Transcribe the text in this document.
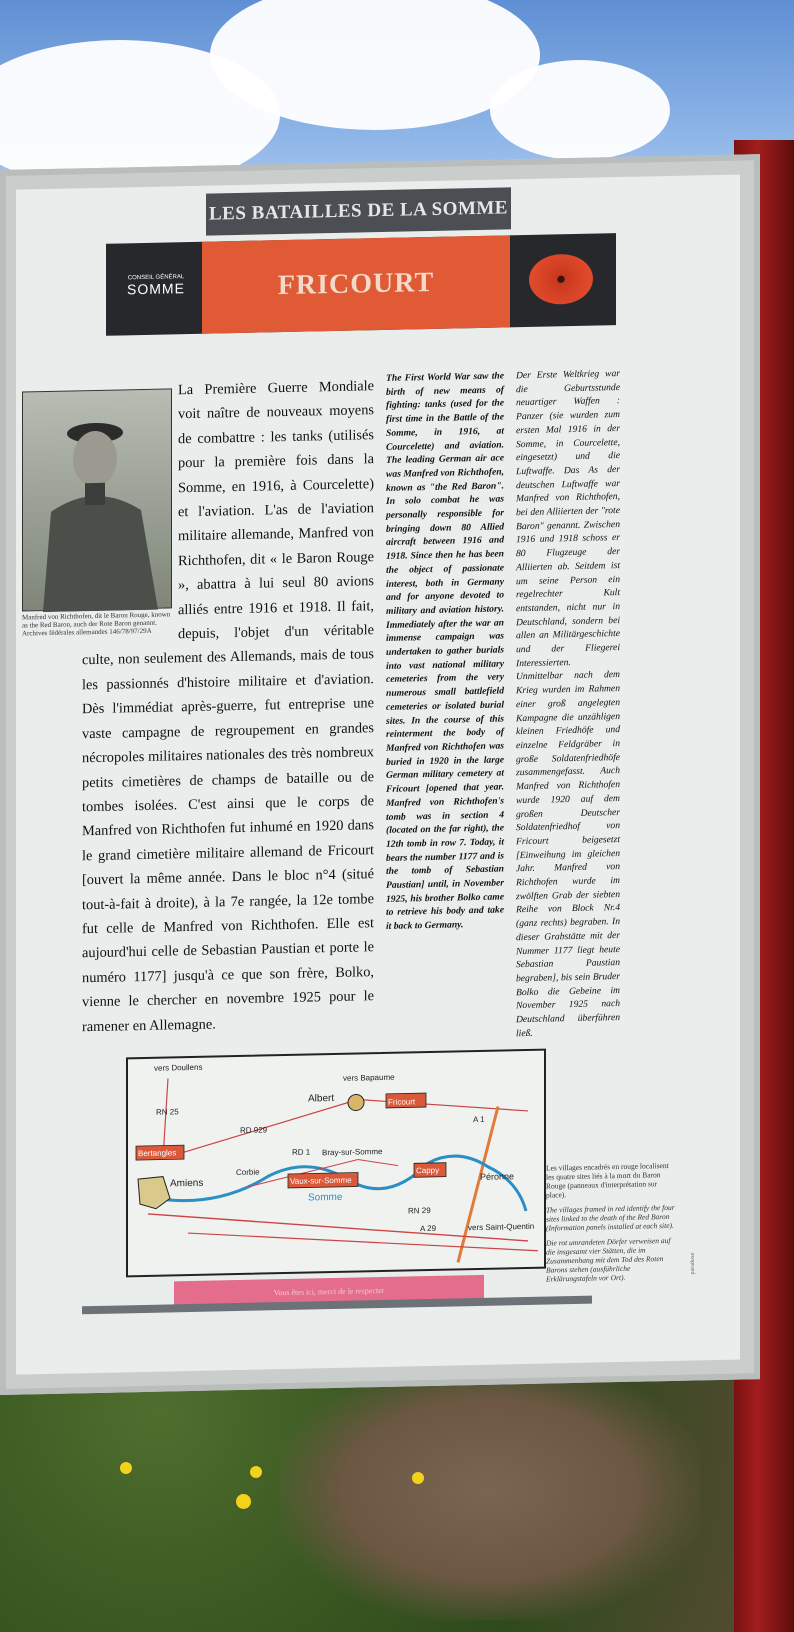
LES BATAILLES DE LA SOMME
CONSEIL GÉNÉRAL
SOMME	FRICOURT
Manfred von Richthofen, dit le Baron Rouge, known as the Red Baron, auch der Rote Baron genannt. Archives fédérales allemandes 146/78/97/29A
La Première Guerre Mondiale voit naître de nouveaux moyens de combattre : les tanks (utilisés pour la première fois dans la Somme, en 1916, à Courcelette) et l'aviation. L'as de l'aviation militaire allemande, Manfred von Richthofen, dit « le Baron Rouge », abattra à lui seul 80 avions alliés entre 1916 et 1918. Il fait, depuis, l'objet d'un véritable culte, non seulement des Allemands, mais de tous les passionnés d'histoire militaire et d'aviation. Dès l'immédiat après-guerre, fut entreprise une vaste campagne de regroupement en grandes nécropoles militaires nationales des très nombreux petits cimetières de champs de bataille ou de tombes isolées. C'est ainsi que le corps de Manfred von Richthofen fut inhumé en 1920 dans le grand cimetière militaire allemand de Fricourt [ouvert la même année. Dans le bloc n°4 (situé tout-à-fait à droite), à la 7e rangée, la 12e tombe fut celle de Manfred von Richthofen. Elle est aujourd'hui celle de Sebastian Paustian et porte le numéro 1177] jusqu'à ce que son frère, Bolko, vienne le chercher en novembre 1925 pour le ramener en Allemagne.
The First World War saw the birth of new means of fighting: tanks (used for the first time in the Battle of the Somme, in 1916, at Courcelette) and aviation. The leading German air ace was Manfred von Richthofen, known as "the Red Baron". In solo combat he was personally responsible for bringing down 80 Allied aircraft between 1916 and 1918. Since then he has been the object of passionate interest, both in Germany and for anyone devoted to military and aviation history. Immediately after the war an immense campaign was undertaken to gather burials into vast national military cemeteries from the very numerous small battlefield cemeteries or isolated burial sites. In the course of this reinterment the body of Manfred von Richthofen was buried in 1920 in the large German military cemetery at Fricourt [opened that year. Manfred von Richthofen's tomb was in section 4 (located on the far right), the 12th tomb in row 7. Today, it bears the number 1177 and is the tomb of Sebastian Paustian] until, in November 1925, his brother Bolko came to retrieve his body and take it back to Germany.
Der Erste Weltkrieg war die Geburtsstunde neuartiger Waffen : Panzer (sie wurden zum ersten Mal 1916 in der Somme, in Courcelette, eingesetzt) und die Luftwaffe. Das As der deutschen Luftwaffe war Manfred von Richthofen, bei den Alliierten der "rote Baron" genannt. Zwischen 1916 und 1918 schoss er 80 Flugzeuge der Alliierten ab. Seitdem ist um seine Person ein regelrechter Kult entstanden, nicht nur in Deutschland, sondern bei allen an Militärgeschichte und der Fliegerei Interessierten. Unmittelbar nach dem Krieg wurden im Rahmen einer groß angelegten Kampagne die unzähligen kleinen Friedhöfe und einzelne Feldgräber in große Soldatenfriedhöfe zusammengefasst. Auch Manfred von Richthofen wurde 1920 auf dem großen Deutscher Soldatenfriedhof von Fricourt beigesetzt [Einweihung im gleichen Jahr. Manfred von Richthofen wurde im zwölften Grab der siebten Reihe von Block Nr.4 (ganz rechts) begraben. In dieser Grabstätte mit der Nummer 1177 liegt heute Sebastian Paustian begraben], bis sein Bruder Bolko die Gebeine im November 1925 nach Deutschland überführen ließ.
vers Doullens
vers Bapaume
Albert	Fricourt
RN 25
RD 929
A 1
Bertangles	RD 1 Bray-sur-Somme
Corbie
Vaux-sur-Somme
Cappy
Péronne
Amiens
Somme
RN 29
A 29	vers Saint-Quentin

Les villages encadrés en rouge localisent les quatre sites liés à la mort du Baron Rouge (panneaux d'interprétation sur place).

The villages framed in red identify the four sites linked to the death of the Red Baron (Information panels installed at each site).

Die rot umrandeten Dörfer verweisen auf die insgesamt vier Stätten, die im Zusammenhang mit dem Tod des Roten Barons stehen (ausführliche Erklärungstafeln vor Ort).

Vous êtes ici, merci de le respecter
paradoxe
